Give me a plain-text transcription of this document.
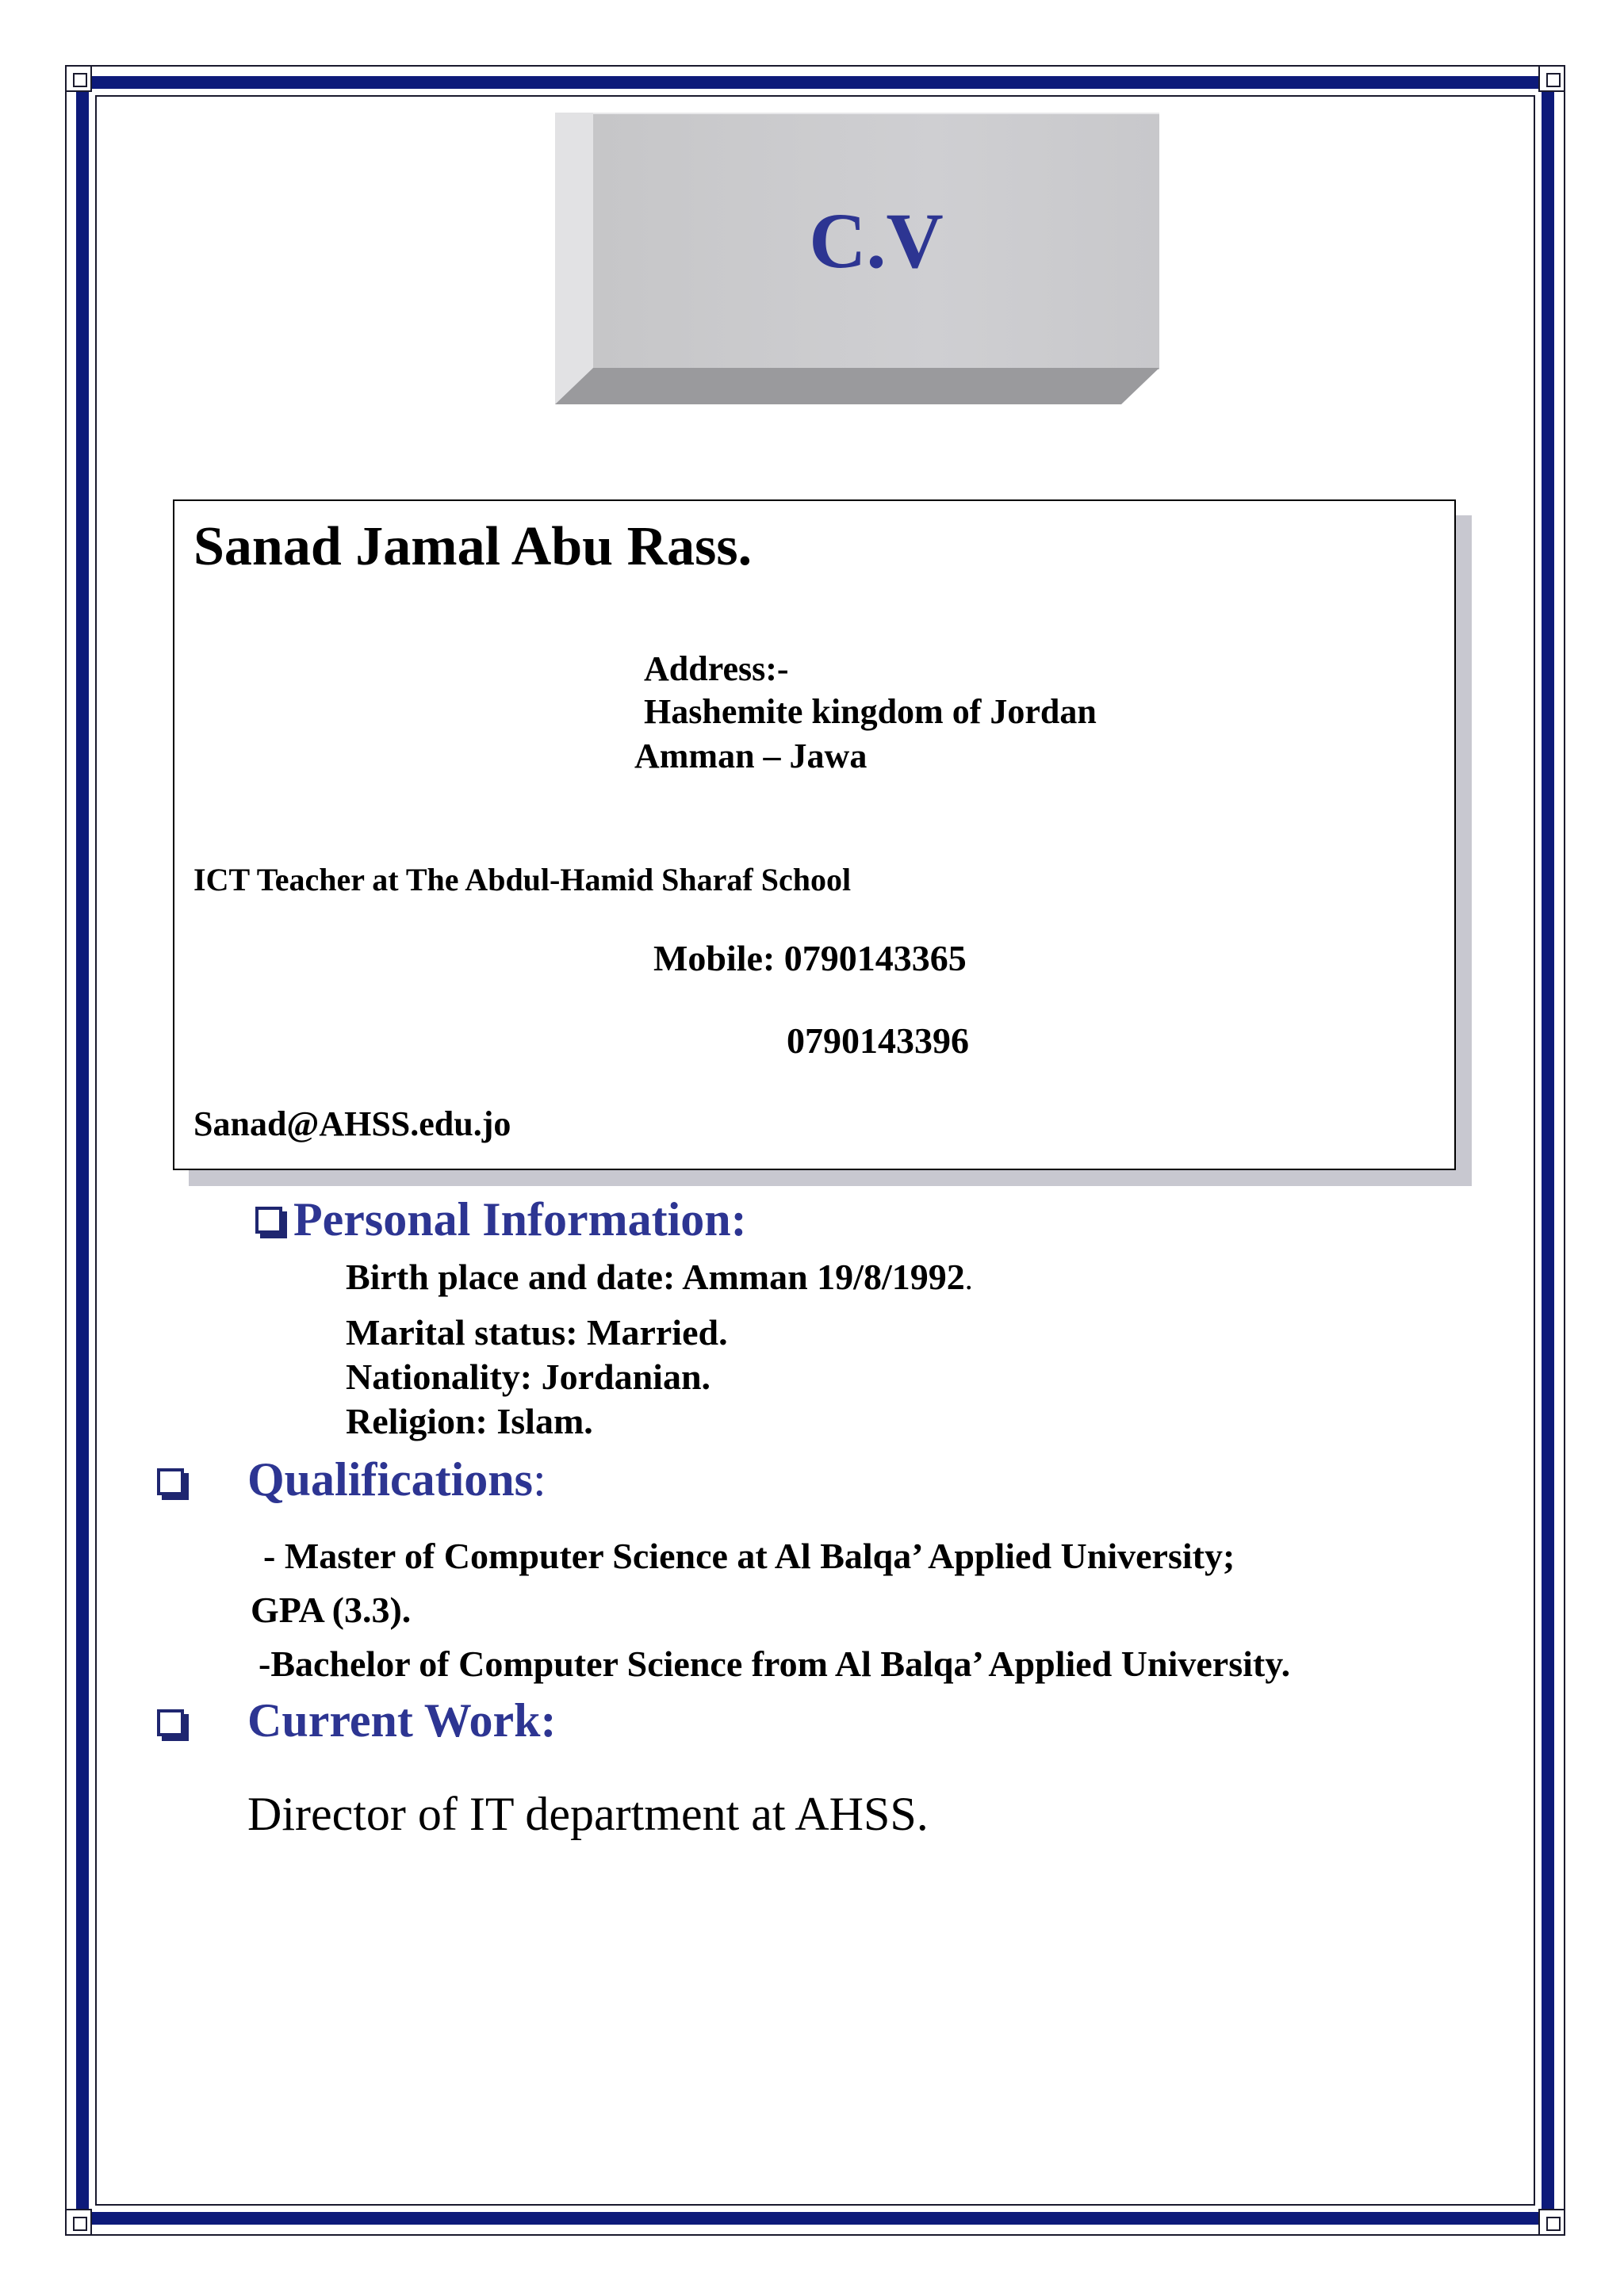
C.V
Sanad Jamal Abu Rass.
Address:-
Hashemite kingdom of Jordan
Amman – Jawa
ICT Teacher at The Abdul-Hamid Sharaf School
Mobile: 0790143365
0790143396
Sanad@AHSS.edu.jo
Personal Information:
Birth place and date: Amman 19/8/1992.
Marital status: Married.
Nationality: Jordanian.
Religion: Islam.
Qualifications:
- Master of Computer Science at Al Balqa’ Applied University;
GPA (3.3).
-Bachelor of Computer Science from Al Balqa’ Applied University.
Current Work:
Director of IT department at AHSS.
